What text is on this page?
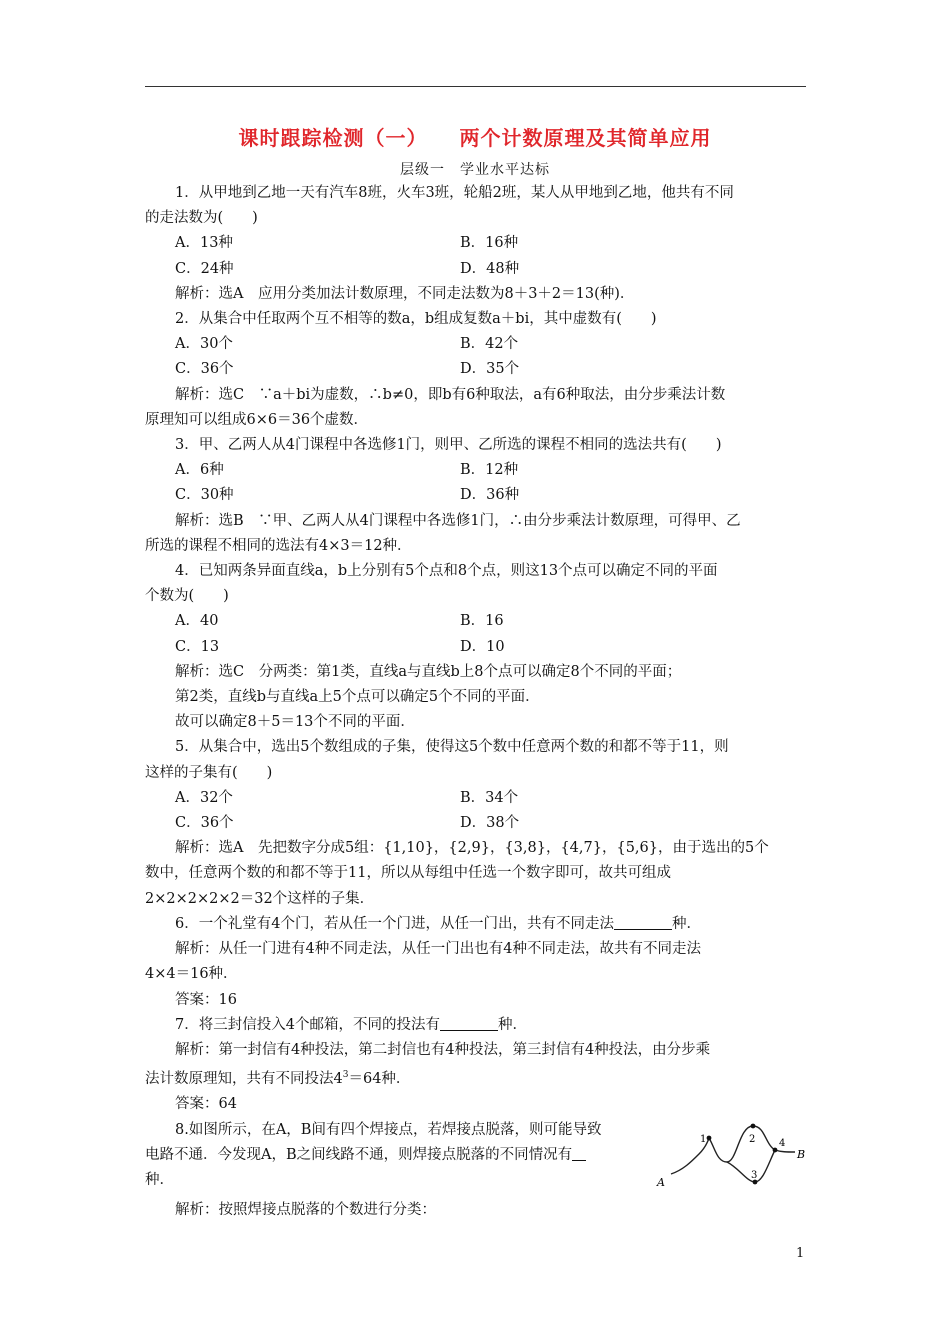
课时跟踪检测（一） 两个计数原理及其简单应用
层级一　学业水平达标

1．从甲地到乙地一天有汽车8班，火车3班，轮船2班，某人从甲地到乙地，他共有不同

的走法数为(　　)

A．13种	B．16种
C．24种	D．48种

解析：选A　应用分类加法计数原理，不同走法数为8＋3＋2＝13(种)．

2．从集合中任取两个互不相等的数a，b组成复数a＋bi，其中虚数有(　　)

A．30个	B．42个
C．36个	D．35个

解析：选C　∵a＋bi为虚数，∴b≠0，即b有6种取法，a有6种取法，由分步乘法计数

原理知可以组成6×6＝36个虚数．

3．甲、乙两人从4门课程中各选修1门，则甲、乙所选的课程不相同的选法共有(　　)

A．6种	B．12种
C．30种	D．36种

解析：选B　∵甲、乙两人从4门课程中各选修1门，∴由分步乘法计数原理，可得甲、乙

所选的课程不相同的选法有4×3＝12种．

4．已知两条异面直线a，b上分别有5个点和8个点，则这13个点可以确定不同的平面

个数为(　　)

A．40	B．16
C．13	D．10

解析：选C　分两类：第1类，直线a与直线b上8个点可以确定8个不同的平面；

第2类，直线b与直线a上5个点可以确定5个不同的平面．

故可以确定8＋5＝13个不同的平面．

5．从集合中，选出5个数组成的子集，使得这5个数中任意两个数的和都不等于11，则

这样的子集有(　　)

A．32个	B．34个
C．36个	D．38个

解析：选A　先把数字分成5组：{1,10}，{2,9}，{3,8}，{4,7}，{5,6}，由于选出的5个

数中，任意两个数的和都不等于11，所以从每组中任选一个数字即可，故共可组成

2×2×2×2×2＝32个这样的子集．

6．一个礼堂有4个门，若从任一个门进，从任一门出，共有不同走法	种．

解析：从任一门进有4种不同走法，从任一门出也有4种不同走法，故共有不同走法

4×4＝16种．

答案：16

7．将三封信投入4个邮箱，不同的投法有	种．

解析：第一封信有4种投法，第二封信也有4种投法，第三封信有4种投法，由分步乘

法计数原理知，共有不同投法$4^3=64$种．

答案：64

8.如图所示，在A，B间有四个焊接点，若焊接点脱落，则可能导致

电路不通．今发现A，B之间线路不通，则焊接点脱落的不同情况有

种．	A
B
1	2
3
4

解析：按照焊接点脱落的个数进行分类：

1
